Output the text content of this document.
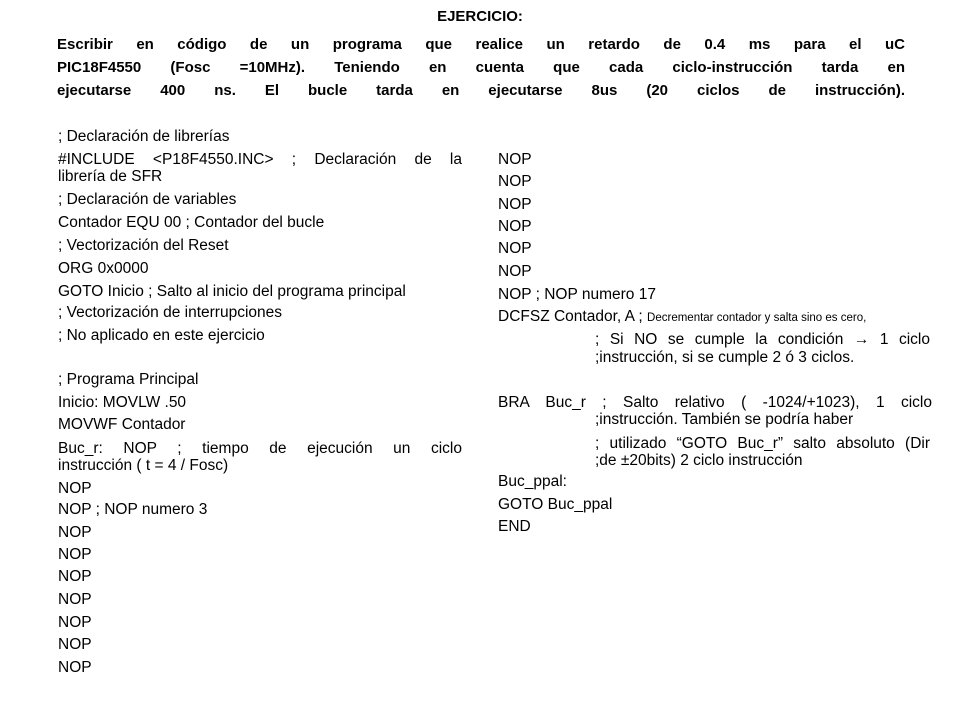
EJERCICIO:
Escribir en código de un programa que realice un retardo de 0.4 ms para el uC
PIC18F4550 (Fosc =10MHz). Teniendo en cuenta que cada ciclo-instrucción tarda en
ejecutarse 400 ns. El bucle tarda en ejecutarse 8us (20 ciclos de instrucción).
; Declaración de librerías
#INCLUDE <P18F4550.INC> ; Declaración de la
librería de SFR
; Declaración de variables
Contador EQU 00 ; Contador del bucle
; Vectorización del Reset
ORG 0x0000
GOTO Inicio ; Salto al inicio del programa principal
; Vectorización de interrupciones
; No aplicado en este ejercicio
; Programa Principal
Inicio: MOVLW .50
MOVWF Contador
Buc_r: NOP ; tiempo de ejecución un ciclo
instrucción ( t = 4 / Fosc)
NOP
NOP ; NOP numero 3
NOP
NOP
NOP
NOP
NOP
NOP
NOP
NOP
NOP
NOP
NOP
NOP
NOP
NOP ; NOP numero 17
DCFSZ Contador, A ; Decrementar contador y salta sino es cero,
; Si NO se cumple la condición → 1 ciclo
;instrucción, si se cumple 2 ó 3 ciclos.
BRA Buc_r ; Salto relativo ( -1024/+1023), 1 ciclo
;instrucción. También se podría haber
; utilizado “GOTO Buc_r” salto absoluto (Dir
;de ±20bits) 2 ciclo instrucción
Buc_ppal:
GOTO Buc_ppal
END
